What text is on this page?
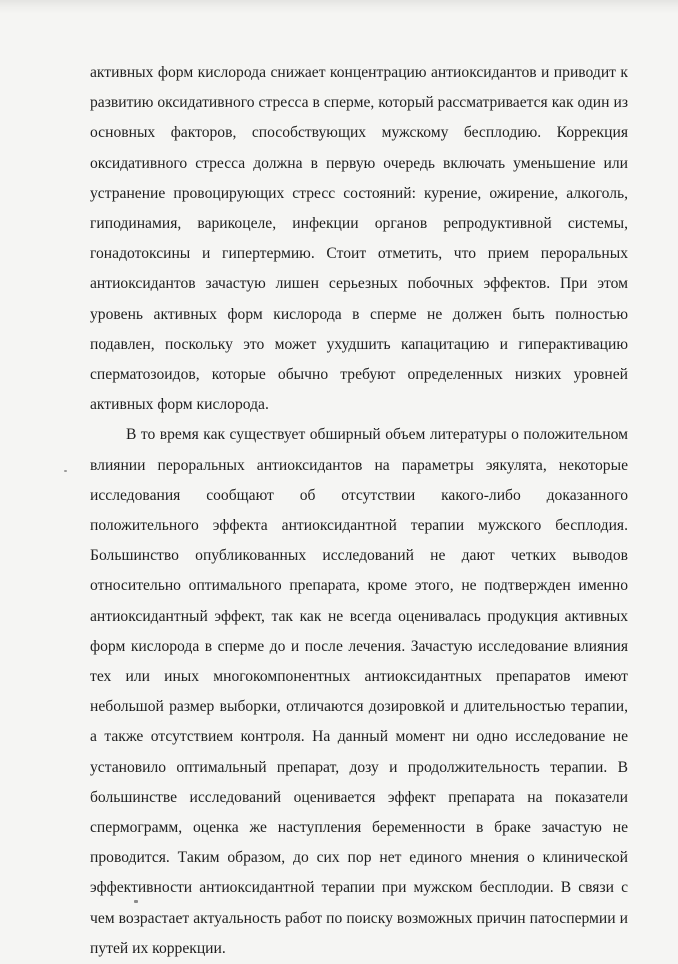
активных форм кислорода снижает концентрацию антиоксидантов и приводит к развитию оксидативного стресса в сперме, который рассматривается как один из основных факторов, способствующих мужскому бесплодию. Коррекция оксидативного стресса должна в первую очередь включать уменьшение или устранение провоцирующих стресс состояний: курение, ожирение, алкоголь, гиподинамия, варикоцеле, инфекции органов репродуктивной системы, гонадотоксины и гипертермию. Стоит отметить, что прием пероральных антиоксидантов зачастую лишен серьезных побочных эффектов. При этом уровень активных форм кислорода в сперме не должен быть полностью подавлен, поскольку это может ухудшить капацитацию и гиперактивацию сперматозоидов, которые обычно требуют определенных низких уровней активных форм кислорода.

В то время как существует обширный объем литературы о положительном влиянии пероральных антиоксидантов на параметры эякулята, некоторые исследования сообщают об отсутствии какого-либо доказанного положительного эффекта антиоксидантной терапии мужского бесплодия. Большинство опубликованных исследований не дают четких выводов относительно оптимального препарата, кроме этого, не подтвержден именно антиоксидантный эффект, так как не всегда оценивалась продукция активных форм кислорода в сперме до и после лечения. Зачастую исследование влияния тех или иных многокомпонентных антиоксидантных препаратов имеют небольшой размер выборки, отличаются дозировкой и длительностью терапии, а также отсутствием контроля. На данный момент ни одно исследование не установило оптимальный препарат, дозу и продолжительность терапии. В большинстве исследований оценивается эффект препарата на показатели спермограмм, оценка же наступления беременности в браке зачастую не проводится. Таким образом, до сих пор нет единого мнения о клинической эффективности антиоксидантной терапии при мужском бесплодии. В связи с чем возрастает актуальность работ по поиску возможных причин патоспермии и путей их коррекции.
